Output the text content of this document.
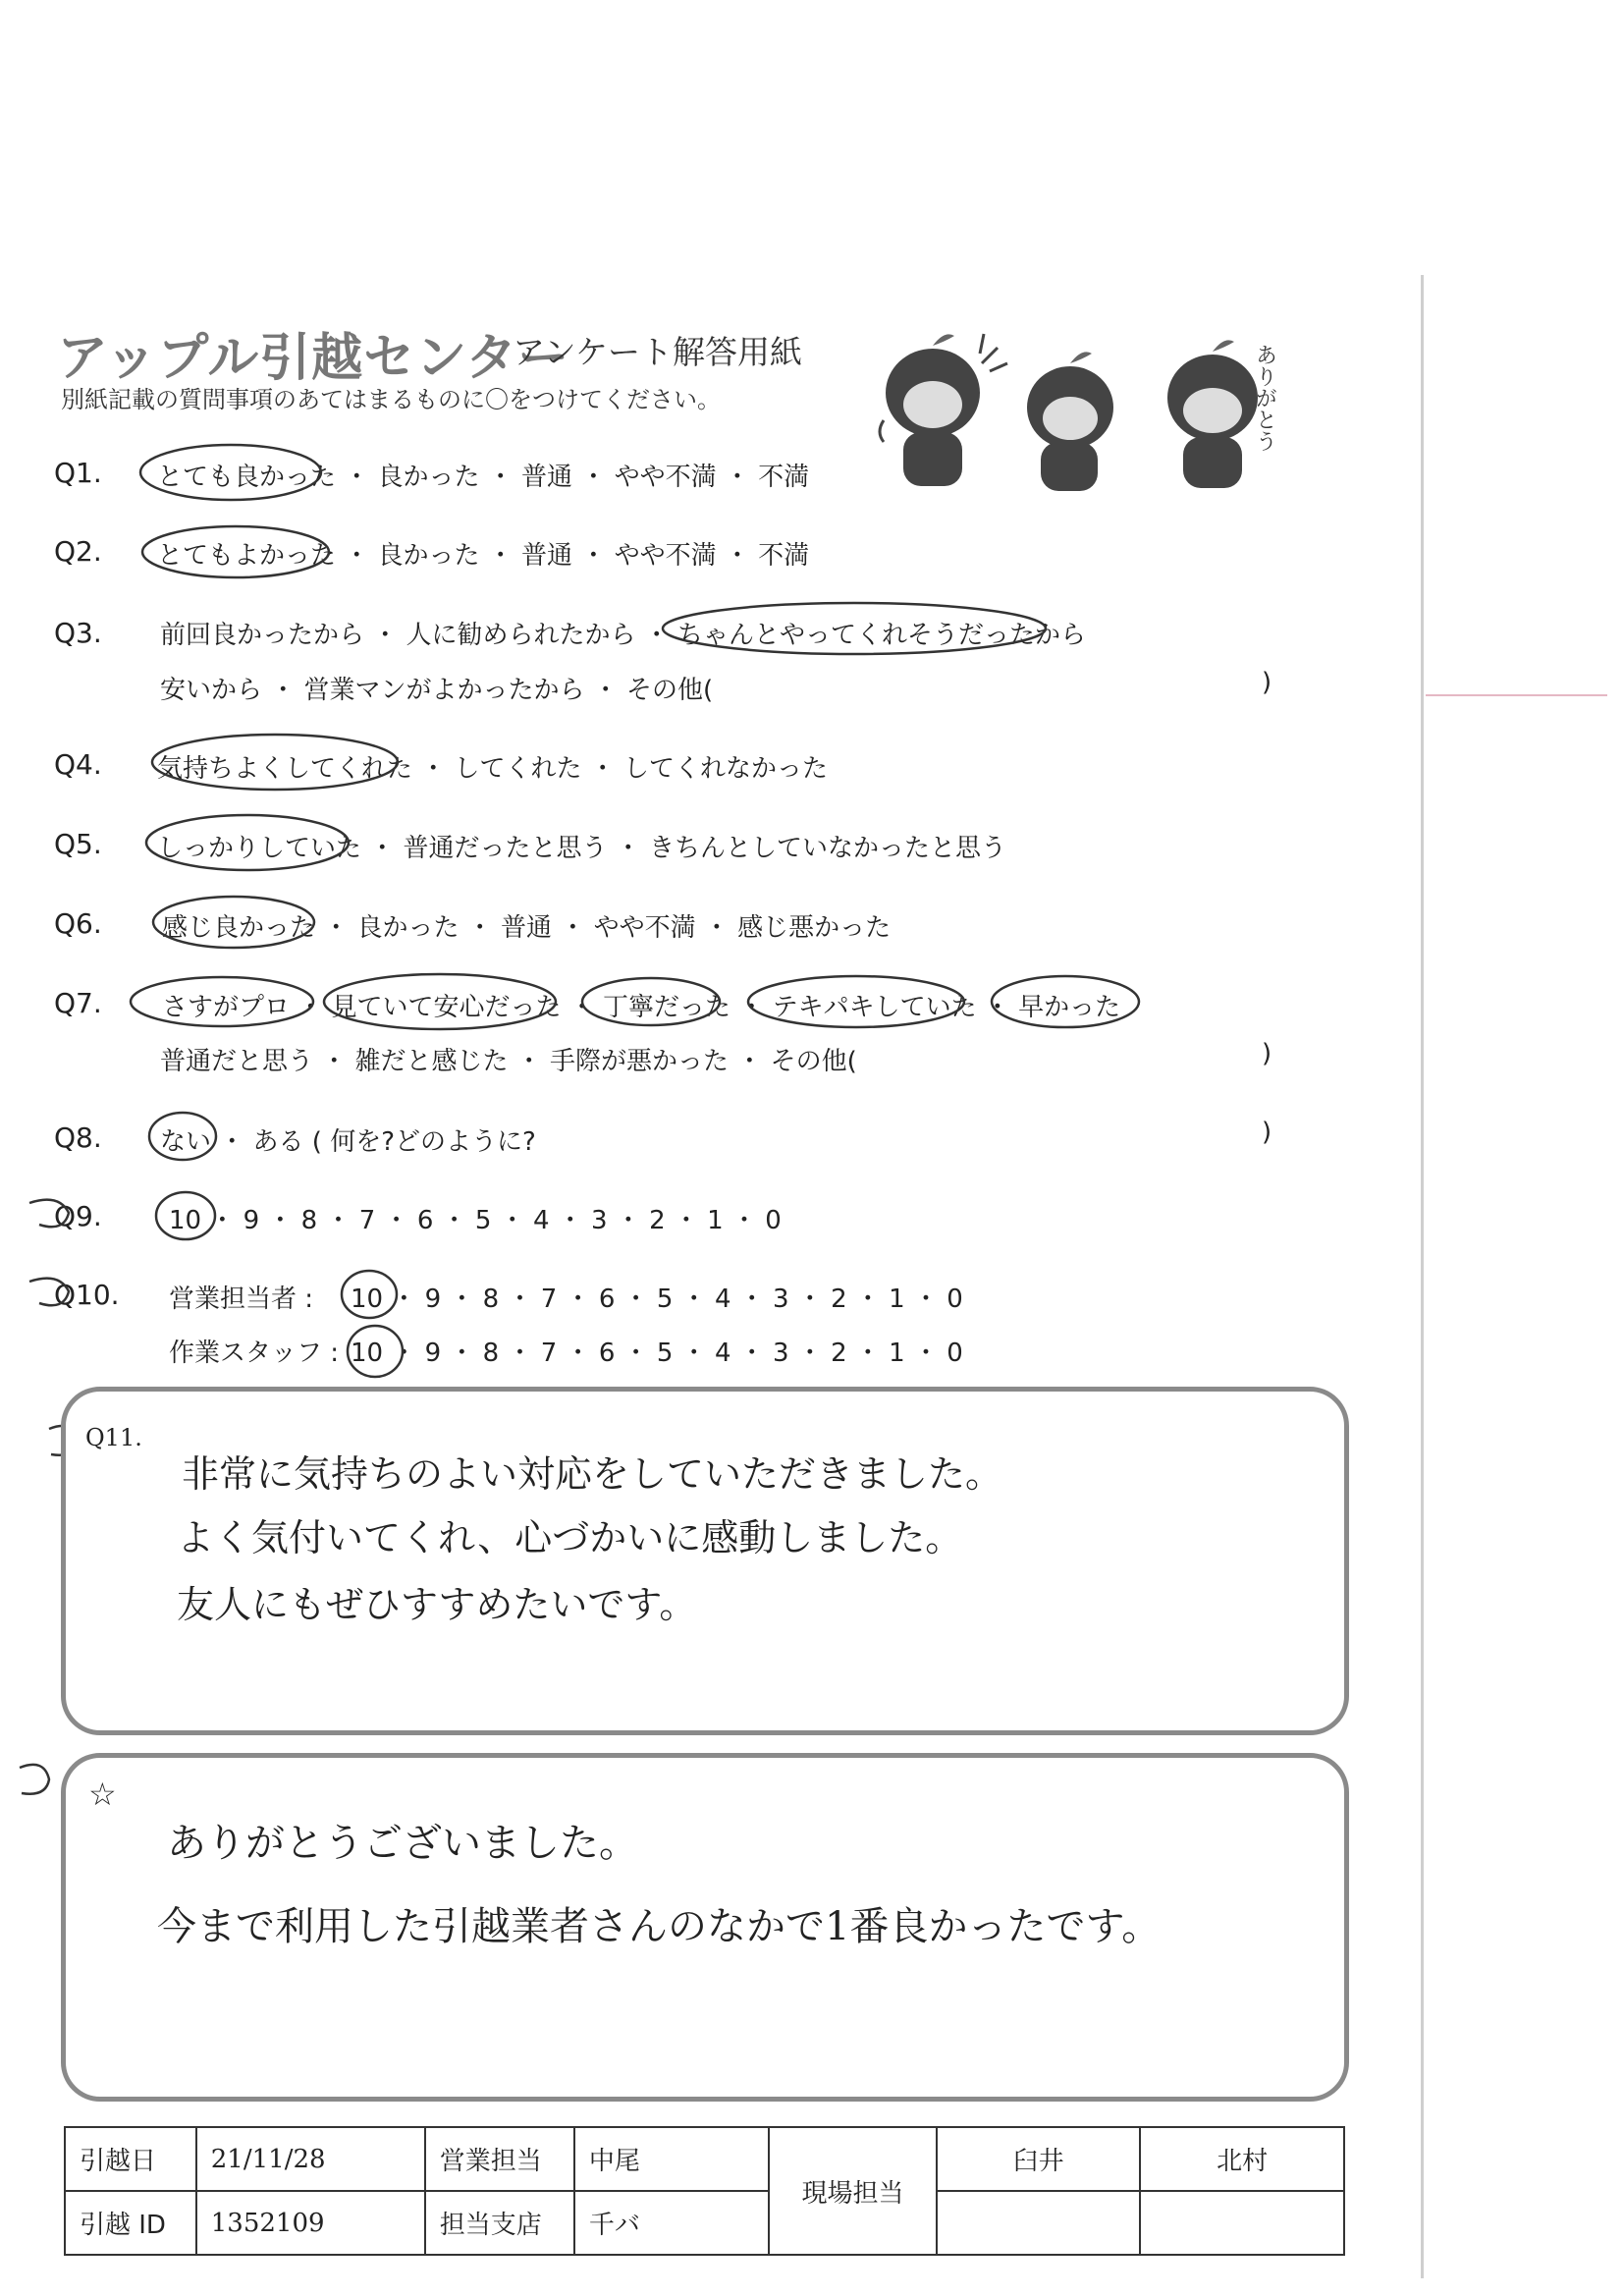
アップル引越センター
アンケート解答用紙
別紙記載の質問事項のあてはまるものに〇をつけてください。	ありがとう
Q1.
Q2.
Q3.
Q4.
Q5.
Q6.
Q7.
Q8.
Q9.
Q10.
とても良かった ・ 良かった ・ 普通 ・ やや不満 ・ 不満
とてもよかった ・ 良かった ・ 普通 ・ やや不満 ・ 不満
前回良かったから ・ 人に勧められたから ・ ちゃんとやってくれそうだったから
安いから ・ 営業マンがよかったから ・ その他(	)
気持ちよくしてくれた ・ してくれた ・ してくれなかった
しっかりしていた ・ 普通だったと思う ・ きちんとしていなかったと思う
感じ良かった ・ 良かった ・ 普通 ・ やや不満 ・ 感じ悪かった
さすがプロ ・ 見ていて安心だった ・ 丁寧だった ・ テキパキしていた ・ 早かった
普通だと思う ・ 雑だと感じた ・ 手際が悪かった ・ その他(	)
ない ・ ある ( 何を?どのように?	)
10 ・ 9 ・ 8 ・ 7 ・ 6 ・ 5 ・ 4 ・ 3 ・ 2 ・ 1 ・ 0
営業担当者 : 10 ・ 9 ・ 8 ・ 7 ・ 6 ・ 5 ・ 4 ・ 3 ・ 2 ・ 1 ・ 0
作業スタッフ : 10 ・ 9 ・ 8 ・ 7 ・ 6 ・ 5 ・ 4 ・ 3 ・ 2 ・ 1 ・ 0
Q11.
非常に気持ちのよい対応をしていただきました。
よく気付いてくれ、心づかいに感動しました。
友人にもぜひすすめたいです。
☆
ありがとうございました。
今まで利用した引越業者さんのなかで1番良かったです。
引越日	21/11/28	営業担当	中尾	現場担当	臼井	北村
引越 ID	1352109	担当支店	千バ			
